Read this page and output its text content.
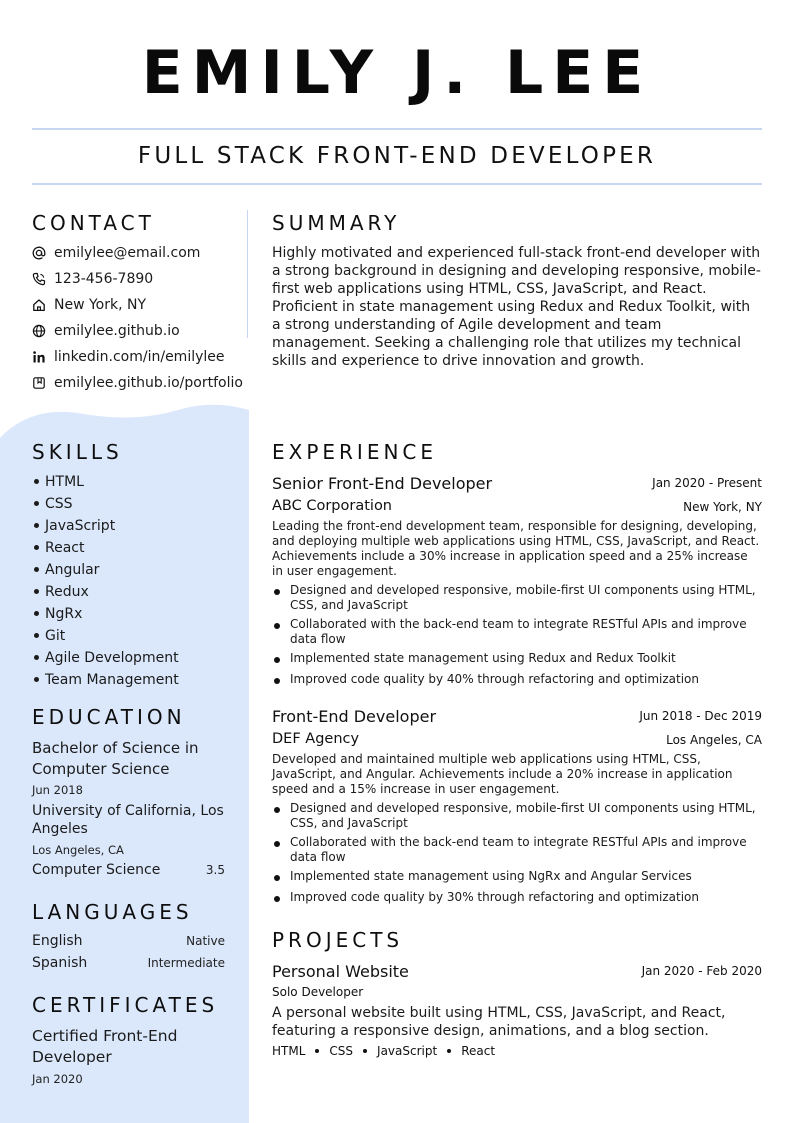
EMILY J. LEE
FULL STACK FRONT-END DEVELOPER
CONTACT
emilylee@email.com
123-456-7890
New York, NY
emilylee.github.io
linkedin.com/in/emilylee
emilylee.github.io/portfolio
SKILLS
HTML
CSS
JavaScript
React
Angular
Redux
NgRx
Git
Agile Development
Team Management
EDUCATION
Bachelor of Science in Computer Science
Jun 2018
University of California, Los Angeles
Los Angeles, CA
Computer Science	3.5
LANGUAGES
English	Native
Spanish	Intermediate
CERTIFICATES
Certified Front-End Developer
Jan 2020
SUMMARY
Highly motivated and experienced full-stack front-end developer with a strong background in designing and developing responsive, mobile-first web applications using HTML, CSS, JavaScript, and React. Proficient in state management using Redux and Redux Toolkit, with a strong understanding of Agile development and team management. Seeking a challenging role that utilizes my technical skills and experience to drive innovation and growth.
EXPERIENCE
Senior Front-End Developer	Jan 2020 - Present
ABC Corporation	New York, NY
Leading the front-end development team, responsible for designing, developing, and deploying multiple web applications using HTML, CSS, JavaScript, and React. Achievements include a 30% increase in application speed and a 25% increase in user engagement.
Designed and developed responsive, mobile-first UI components using HTML, CSS, and JavaScript
Collaborated with the back-end team to integrate RESTful APIs and improve data flow
Implemented state management using Redux and Redux Toolkit
Improved code quality by 40% through refactoring and optimization
Front-End Developer	Jun 2018 - Dec 2019
DEF Agency	Los Angeles, CA
Developed and maintained multiple web applications using HTML, CSS, JavaScript, and Angular. Achievements include a 20% increase in application speed and a 15% increase in user engagement.
Designed and developed responsive, mobile-first UI components using HTML, CSS, and JavaScript
Collaborated with the back-end team to integrate RESTful APIs and improve data flow
Implemented state management using NgRx and Angular Services
Improved code quality by 30% through refactoring and optimization
PROJECTS
Personal Website	Jan 2020 - Feb 2020
Solo Developer
A personal website built using HTML, CSS, JavaScript, and React, featuring a responsive design, animations, and a blog section.
HTML CSS JavaScript React
